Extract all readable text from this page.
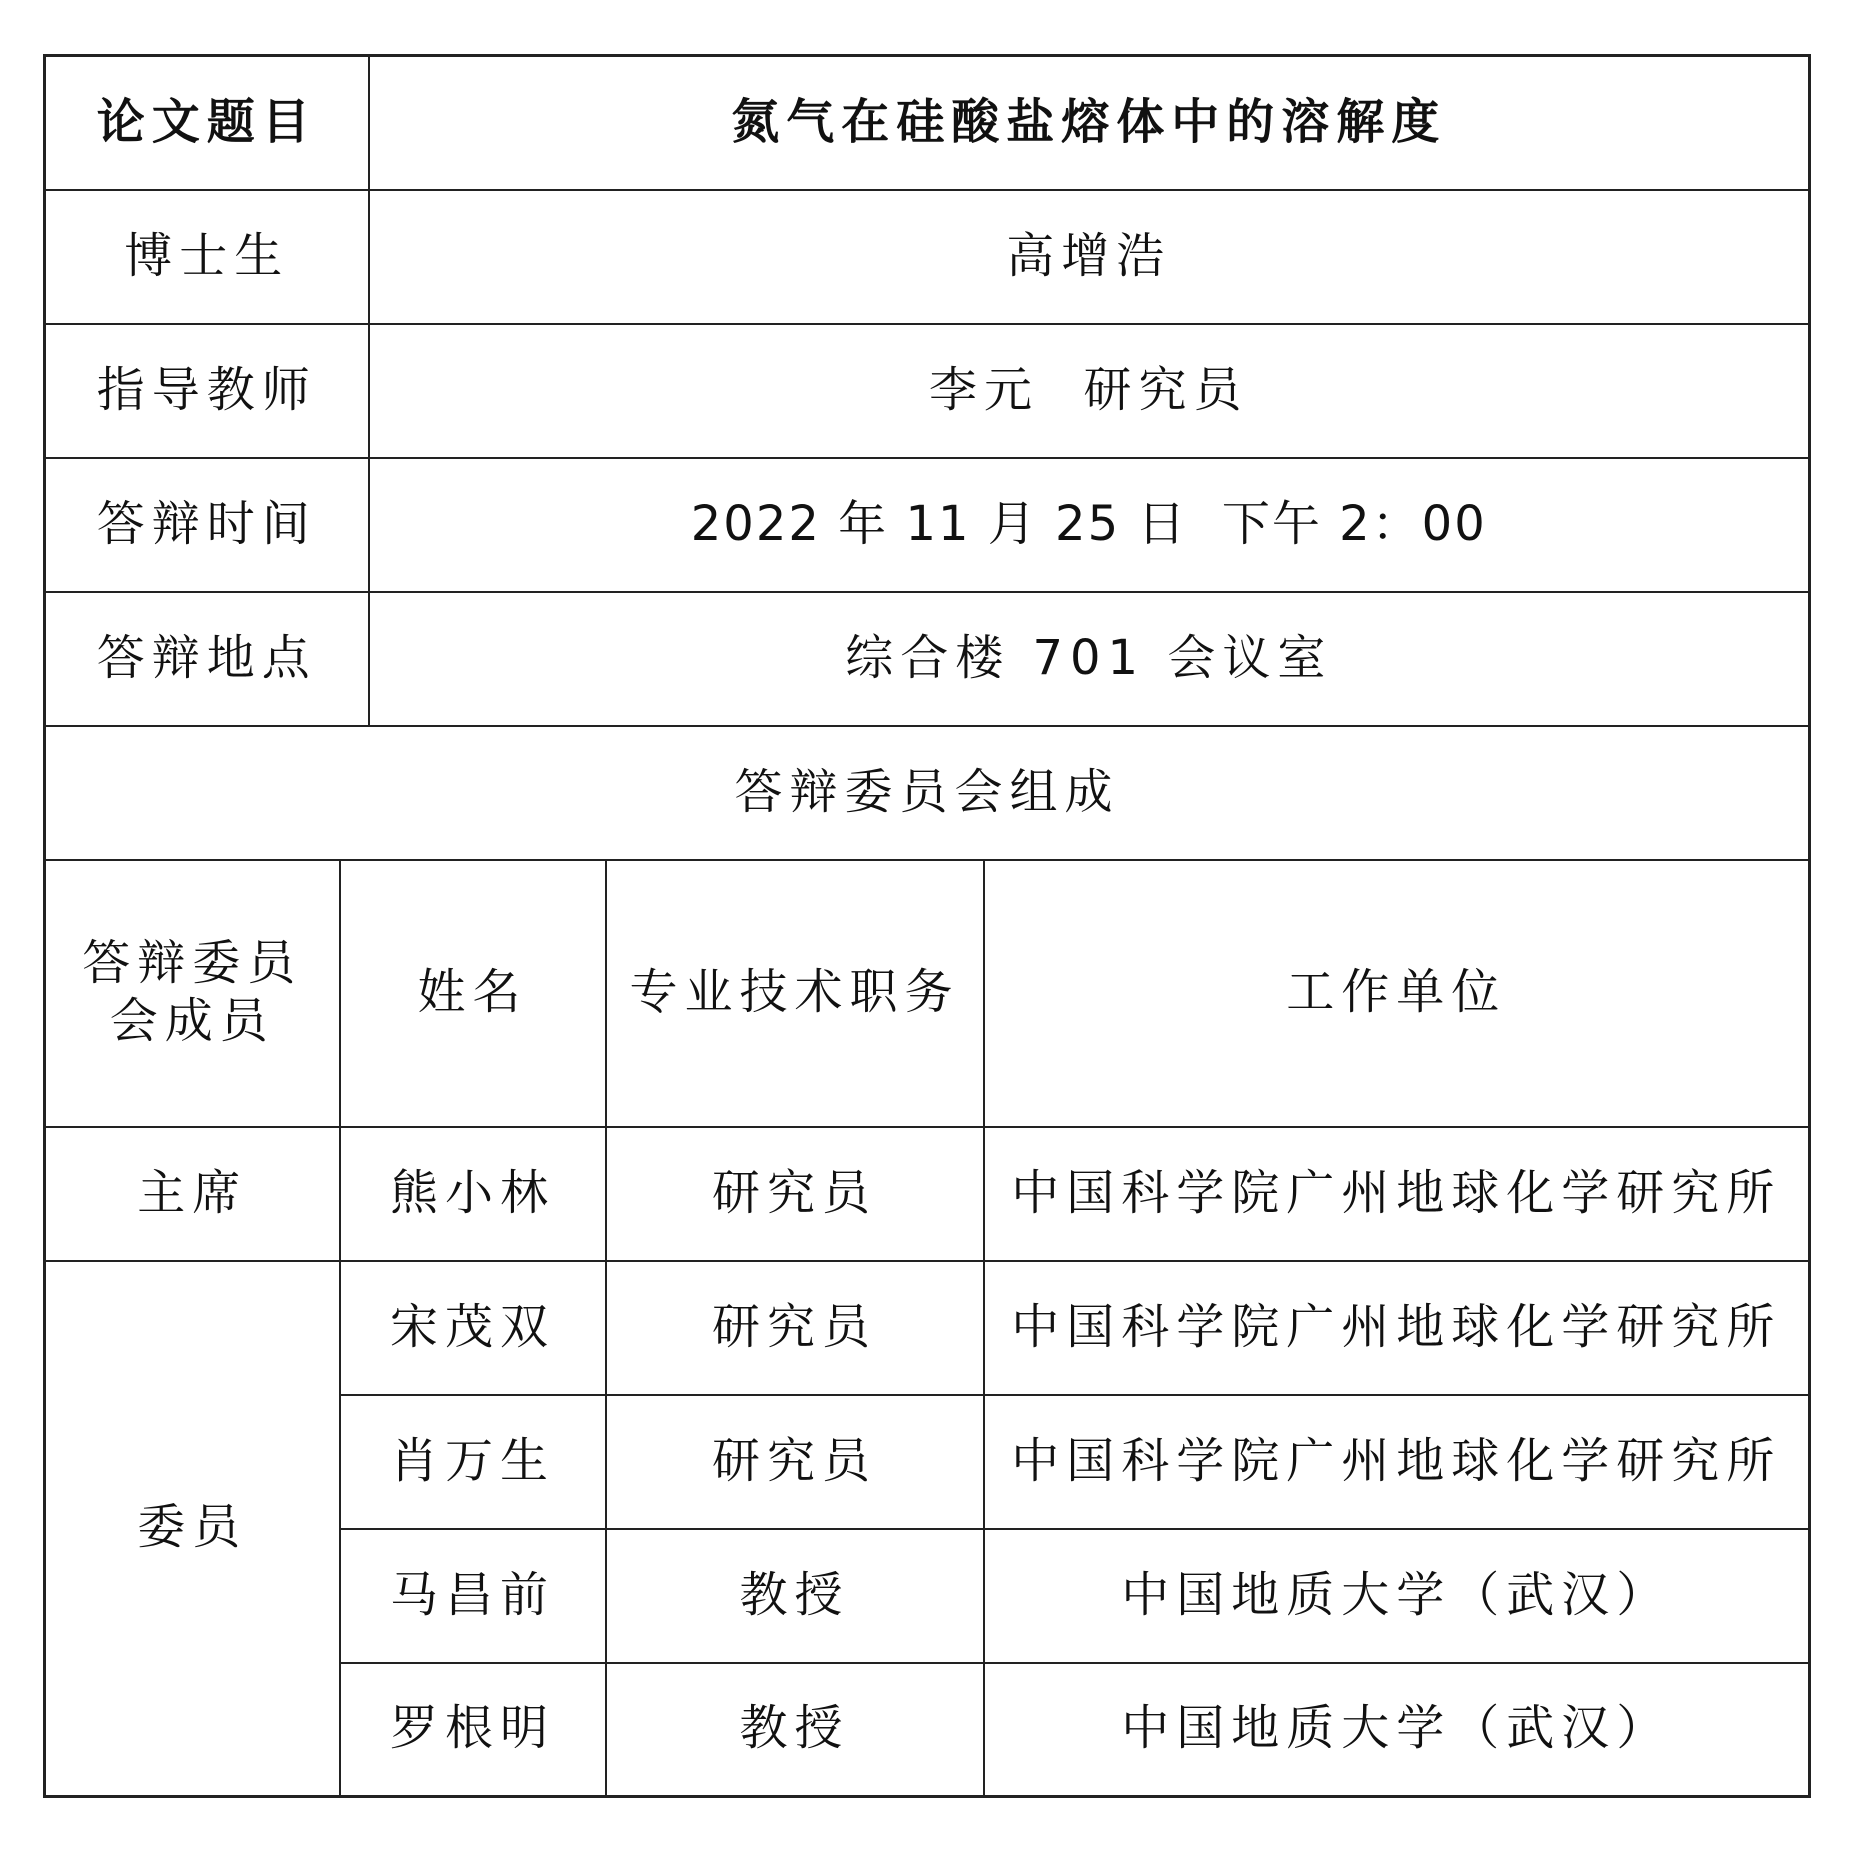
论文题目		氮气在硅酸盐熔体中的溶解度		
博士生		高增浩		
指导教师		李元  研究员		
答辩时间		2022 年 11 月 25 日  下午 2：00		
答辩地点		综合楼 701 会议室		
答辩委员会组成				

答辩委员
会成员	姓名		专业技术职务	工作单位
主席	熊小林		研究员	中国科学院广州地球化学研究所
委员	宋茂双		研究员	中国科学院广州地球化学研究所
	肖万生		研究员	中国科学院广州地球化学研究所
	马昌前		教授	中国地质大学（武汉）
	罗根明		教授	中国地质大学（武汉）
